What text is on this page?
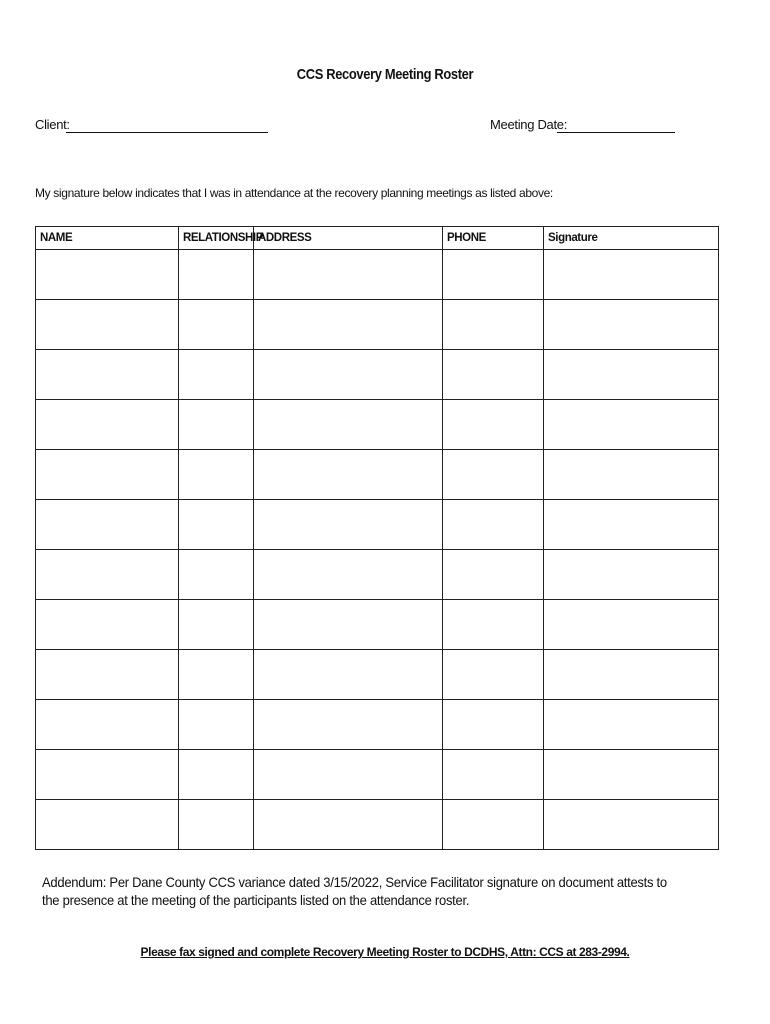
CCS Recovery Meeting Roster
Client:	Meeting Date:
My signature below indicates that I was in attendance at the recovery planning meetings as listed above:
NAME	RELATIONSHIP	ADDRESS	PHONE	Signature

Addendum: Per Dane County CCS variance dated 3/15/2022, Service Facilitator signature on document attests to the presence at the meeting of the participants listed on the attendance roster.
Please fax signed and complete Recovery Meeting Roster to DCDHS, Attn: CCS at 283-2994.
